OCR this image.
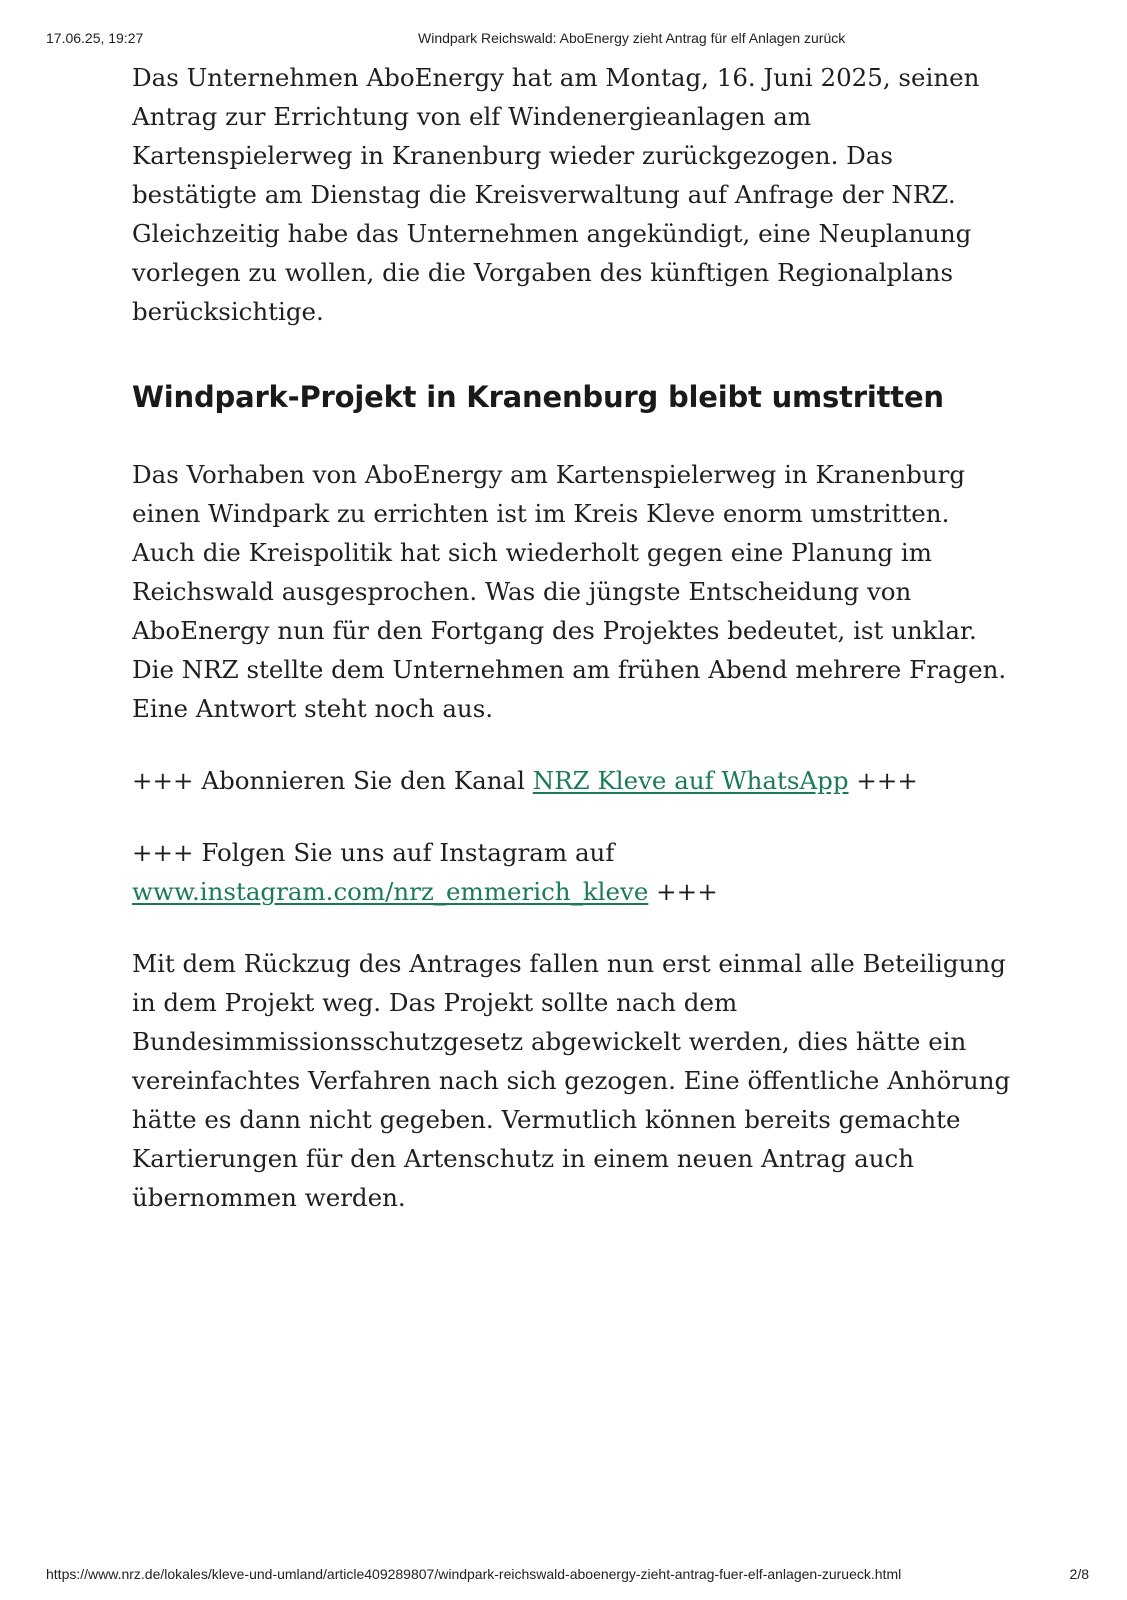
17.06.25, 19:27	Windpark Reichswald: AboEnergy zieht Antrag für elf Anlagen zurück

Das Unternehmen AboEnergy hat am Montag, 16. Juni 2025, seinen Antrag zur Errichtung von elf Windenergieanlagen am Kartenspielerweg in Kranenburg wieder zurückgezogen. Das bestätigte am Dienstag die Kreisverwaltung auf Anfrage der NRZ. Gleichzeitig habe das Unternehmen angekündigt, eine Neuplanung vorlegen zu wollen, die die Vorgaben des künftigen Regionalplans berücksichtige.

Windpark-Projekt in Kranenburg bleibt umstritten

Das Vorhaben von AboEnergy am Kartenspielerweg in Kranenburg einen Windpark zu errichten ist im Kreis Kleve enorm umstritten. Auch die Kreispolitik hat sich wiederholt gegen eine Planung im Reichswald ausgesprochen. Was die jüngste Entscheidung von AboEnergy nun für den Fortgang des Projektes bedeutet, ist unklar. Die NRZ stellte dem Unternehmen am frühen Abend mehrere Fragen. Eine Antwort steht noch aus.

+++ Abonnieren Sie den Kanal NRZ Kleve auf WhatsApp +++

+++ Folgen Sie uns auf Instagram auf
www.instagram.com/nrz_emmerich_kleve +++

Mit dem Rückzug des Antrages fallen nun erst einmal alle Beteiligung in dem Projekt weg. Das Projekt sollte nach dem Bundesimmissionsschutzgesetz abgewickelt werden, dies hätte ein vereinfachtes Verfahren nach sich gezogen. Eine öffentliche Anhörung hätte es dann nicht gegeben. Vermutlich können bereits gemachte Kartierungen für den Artenschutz in einem neuen Antrag auch übernommen werden.

https://www.nrz.de/lokales/kleve-und-umland/article409289807/windpark-reichswald-aboenergy-zieht-antrag-fuer-elf-anlagen-zurueck.html	2/8
